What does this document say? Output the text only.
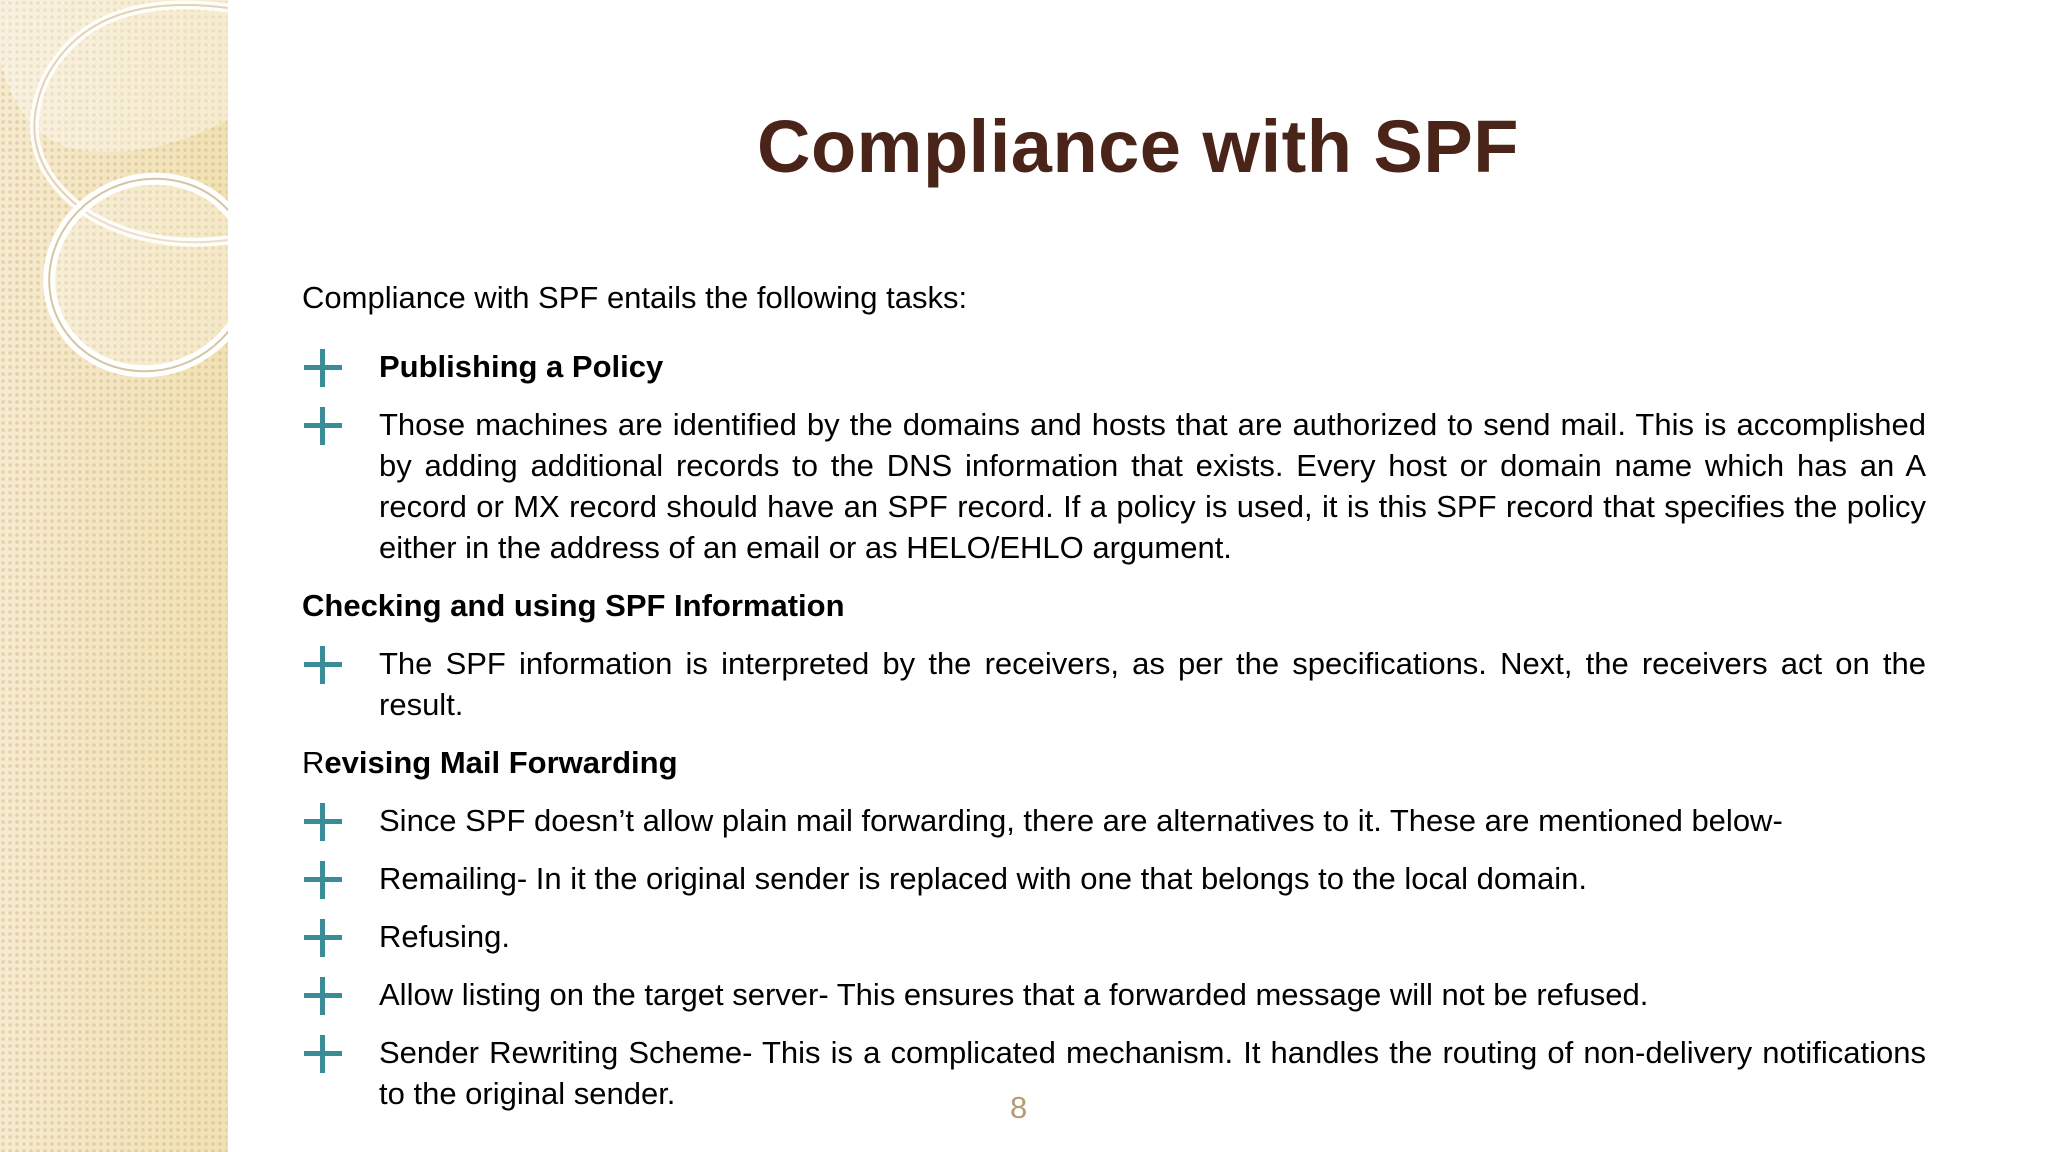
Compliance with SPF
Compliance with SPF entails the following tasks:
Publishing a Policy
Those machines are identified by the domains and hosts that are authorized to send mail. This is accomplished by adding additional records to the DNS information that exists. Every host or domain name which has an A record or MX record should have an SPF record. If a policy is used, it is this SPF record that specifies the policy either in the address of an email or as HELO/EHLO argument.
Checking and using SPF Information
The SPF information is interpreted by the receivers, as per the specifications. Next, the receivers act on the result.
Revising Mail Forwarding
Since SPF doesn’t allow plain mail forwarding, there are alternatives to it. These are mentioned below-
Remailing- In it the original sender is replaced with one that belongs to the local domain.
Refusing.
Allow listing on the target server- This ensures that a forwarded message will not be refused.
Sender Rewriting Scheme- This is a complicated mechanism. It handles the routing of non-delivery notifications to the original sender.	8
